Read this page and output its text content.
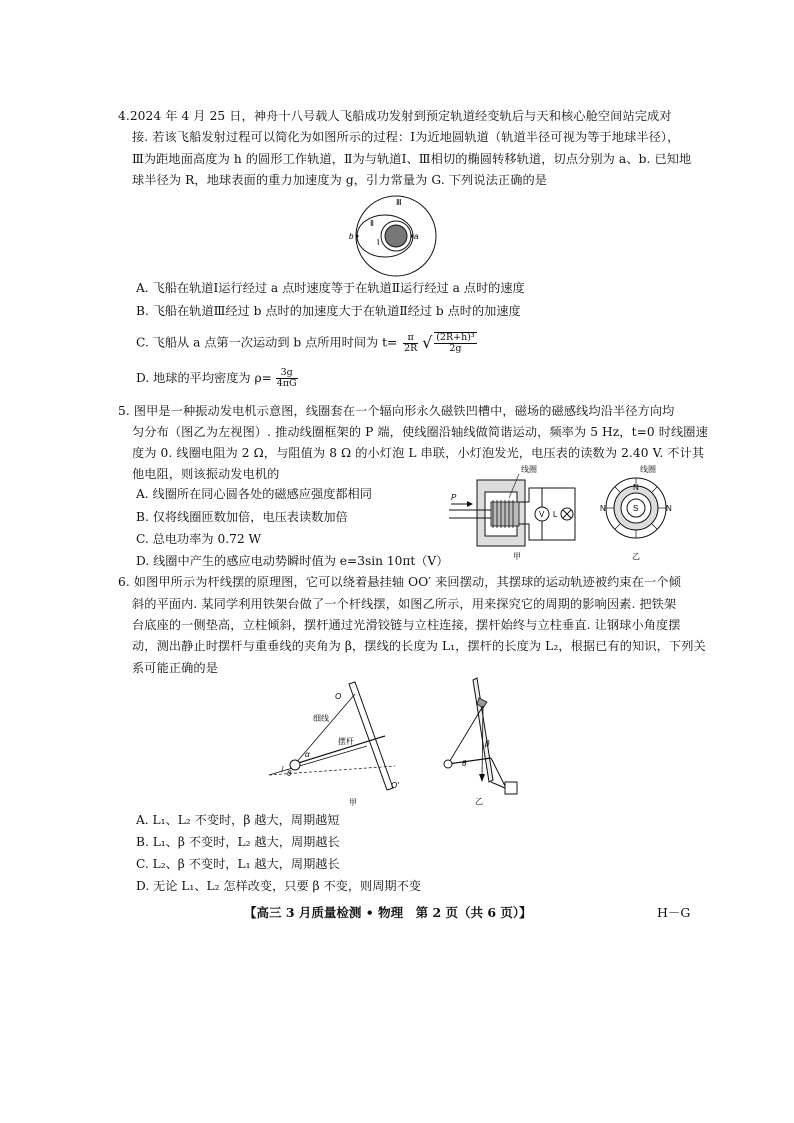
4.2024 年 4 月 25 日，神舟十八号载人飞船成功发射到预定轨道经变轨后与天和核心舱空间站完成对
接. 若该飞船发射过程可以简化为如图所示的过程：Ⅰ为近地圆轨道（轨道半径可视为等于地球半径），
Ⅲ为距地面高度为 h 的圆形工作轨道，Ⅱ为与轨道Ⅰ、Ⅲ相切的椭圆转移轨道，切点分别为 a、b. 已知地
球半径为 R，地球表面的重力加速度为 g，引力常量为 G. 下列说法正确的是
Ⅲ
Ⅱ
Ⅰ
a
b
A. 飞船在轨道Ⅰ运行经过 a 点时速度等于在轨道Ⅱ运行经过 a 点时的速度
B. 飞船在轨道Ⅲ经过 b 点时的加速度大于在轨道Ⅱ经过 b 点时的加速度
C. 飞船从 a 点第一次运动到 b 点所用时间为 $t= \frac{\pi}{2R}$ √ $\frac{\text{(2R+h)³}}{2g}$
D. 地球的平均密度为 $\rho= \frac{3g}{4\pi G}$
5. 图甲是一种振动发电机示意图，线圈套在一个辐向形永久磁铁凹槽中，磁场的磁感线均沿半径方向均
匀分布（图乙为左视图）. 推动线圈框架的 P 端，使线圈沿轴线做简谐运动，频率为 5 Hz，t=0 时线圈速
度为 0. 线圈电阻为 2 Ω，与阻值为 8 Ω 的小灯泡 L 串联，小灯泡发光，电压表的读数为 2.40 V. 不计其
他电阻，则该振动发电机的
A. 线圈所在同心圆各处的磁感应强度都相同
B. 仅将线圈匝数加倍，电压表读数加倍
C. 总电功率为 0.72 W
D. 线圈中产生的感应电动势瞬时值为 e=3sin 10πt（V）
P
线圈
V L
甲
线圈
S
N
N	N
乙
6. 如图甲所示为杆线摆的原理图，它可以绕着悬挂轴 OO′ 来回摆动，其摆球的运动轨迹被约束在一个倾
斜的平面内. 某同学利用铁架台做了一个杆线摆，如图乙所示，用来探究它的周期的影响因素. 把铁架
台底座的一侧垫高，立柱倾斜，摆杆通过光滑铰链与立柱连接，摆杆始终与立柱垂直. 让钢球小角度摆
动，测出静止时摆杆与重垂线的夹角为 β，摆线的长度为 L₁，摆杆的长度为 L₂，根据已有的知识，下列关
系可能正确的是
O
O′
细线
摆杆
α
θ
甲
β
θ
乙
A. L₁、L₂ 不变时，β 越大，周期越短
B. L₁、β 不变时，L₂ 越大，周期越长
C. L₂、β 不变时，L₁ 越大，周期越长
D. 无论 L₁、L₂ 怎样改变，只要 β 不变，则周期不变
【高三 3 月质量检测 • 物理　第 2 页（共 6 页）】	H－G
